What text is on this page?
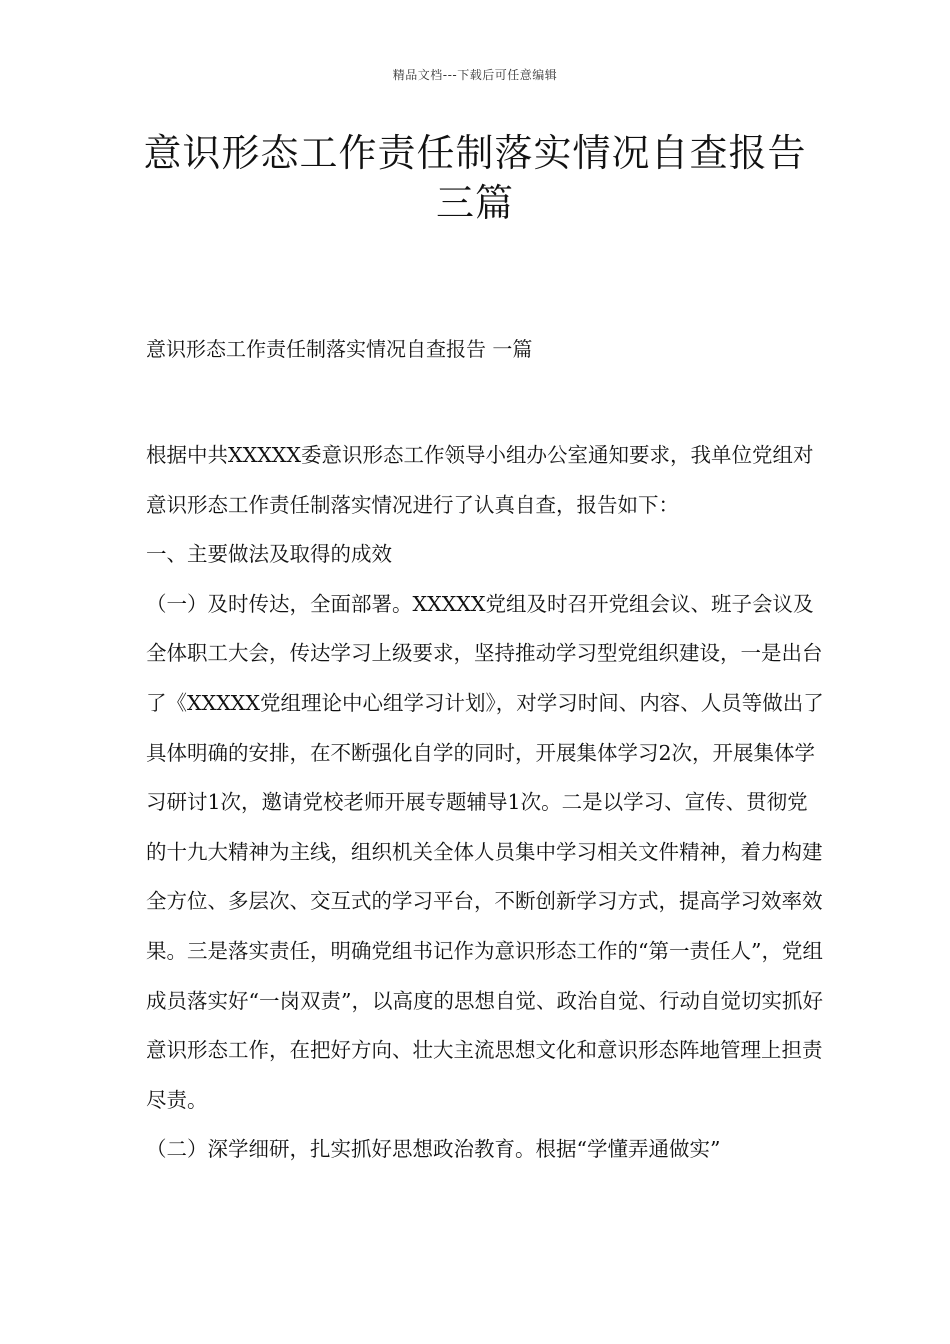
精品文档---下载后可任意编辑
意识形态工作责任制落实情况自查报告
三篇
意识形态工作责任制落实情况自查报告 一篇

根据中共XXXXX委意识形态工作领导小组办公室通知要求，我单位党组对意识形态工作责任制落实情况进行了认真自查，报告如下：

一、主要做法及取得的成效

（一）及时传达，全面部署。XXXXX党组及时召开党组会议、班子会议及全体职工大会，传达学习上级要求，坚持推动学习型党组织建设，一是出台了《XXXXX党组理论中心组学习计划》，对学习时间、内容、人员等做出了具体明确的安排，在不断强化自学的同时，开展集体学习2次，开展集体学习研讨1次，邀请党校老师开展专题辅导1次。二是以学习、宣传、贯彻党的十九大精神为主线，组织机关全体人员集中学习相关文件精神，着力构建全方位、多层次、交互式的学习平台，不断创新学习方式，提高学习效率效果。三是落实责任，明确党组书记作为意识形态工作的“第一责任人”，党组成员落实好“一岗双责”，以高度的思想自觉、政治自觉、行动自觉切实抓好意识形态工作，在把好方向、壮大主流思想文化和意识形态阵地管理上担责尽责。

（二）深学细研，扎实抓好思想政治教育。根据“学懂弄通做实”
